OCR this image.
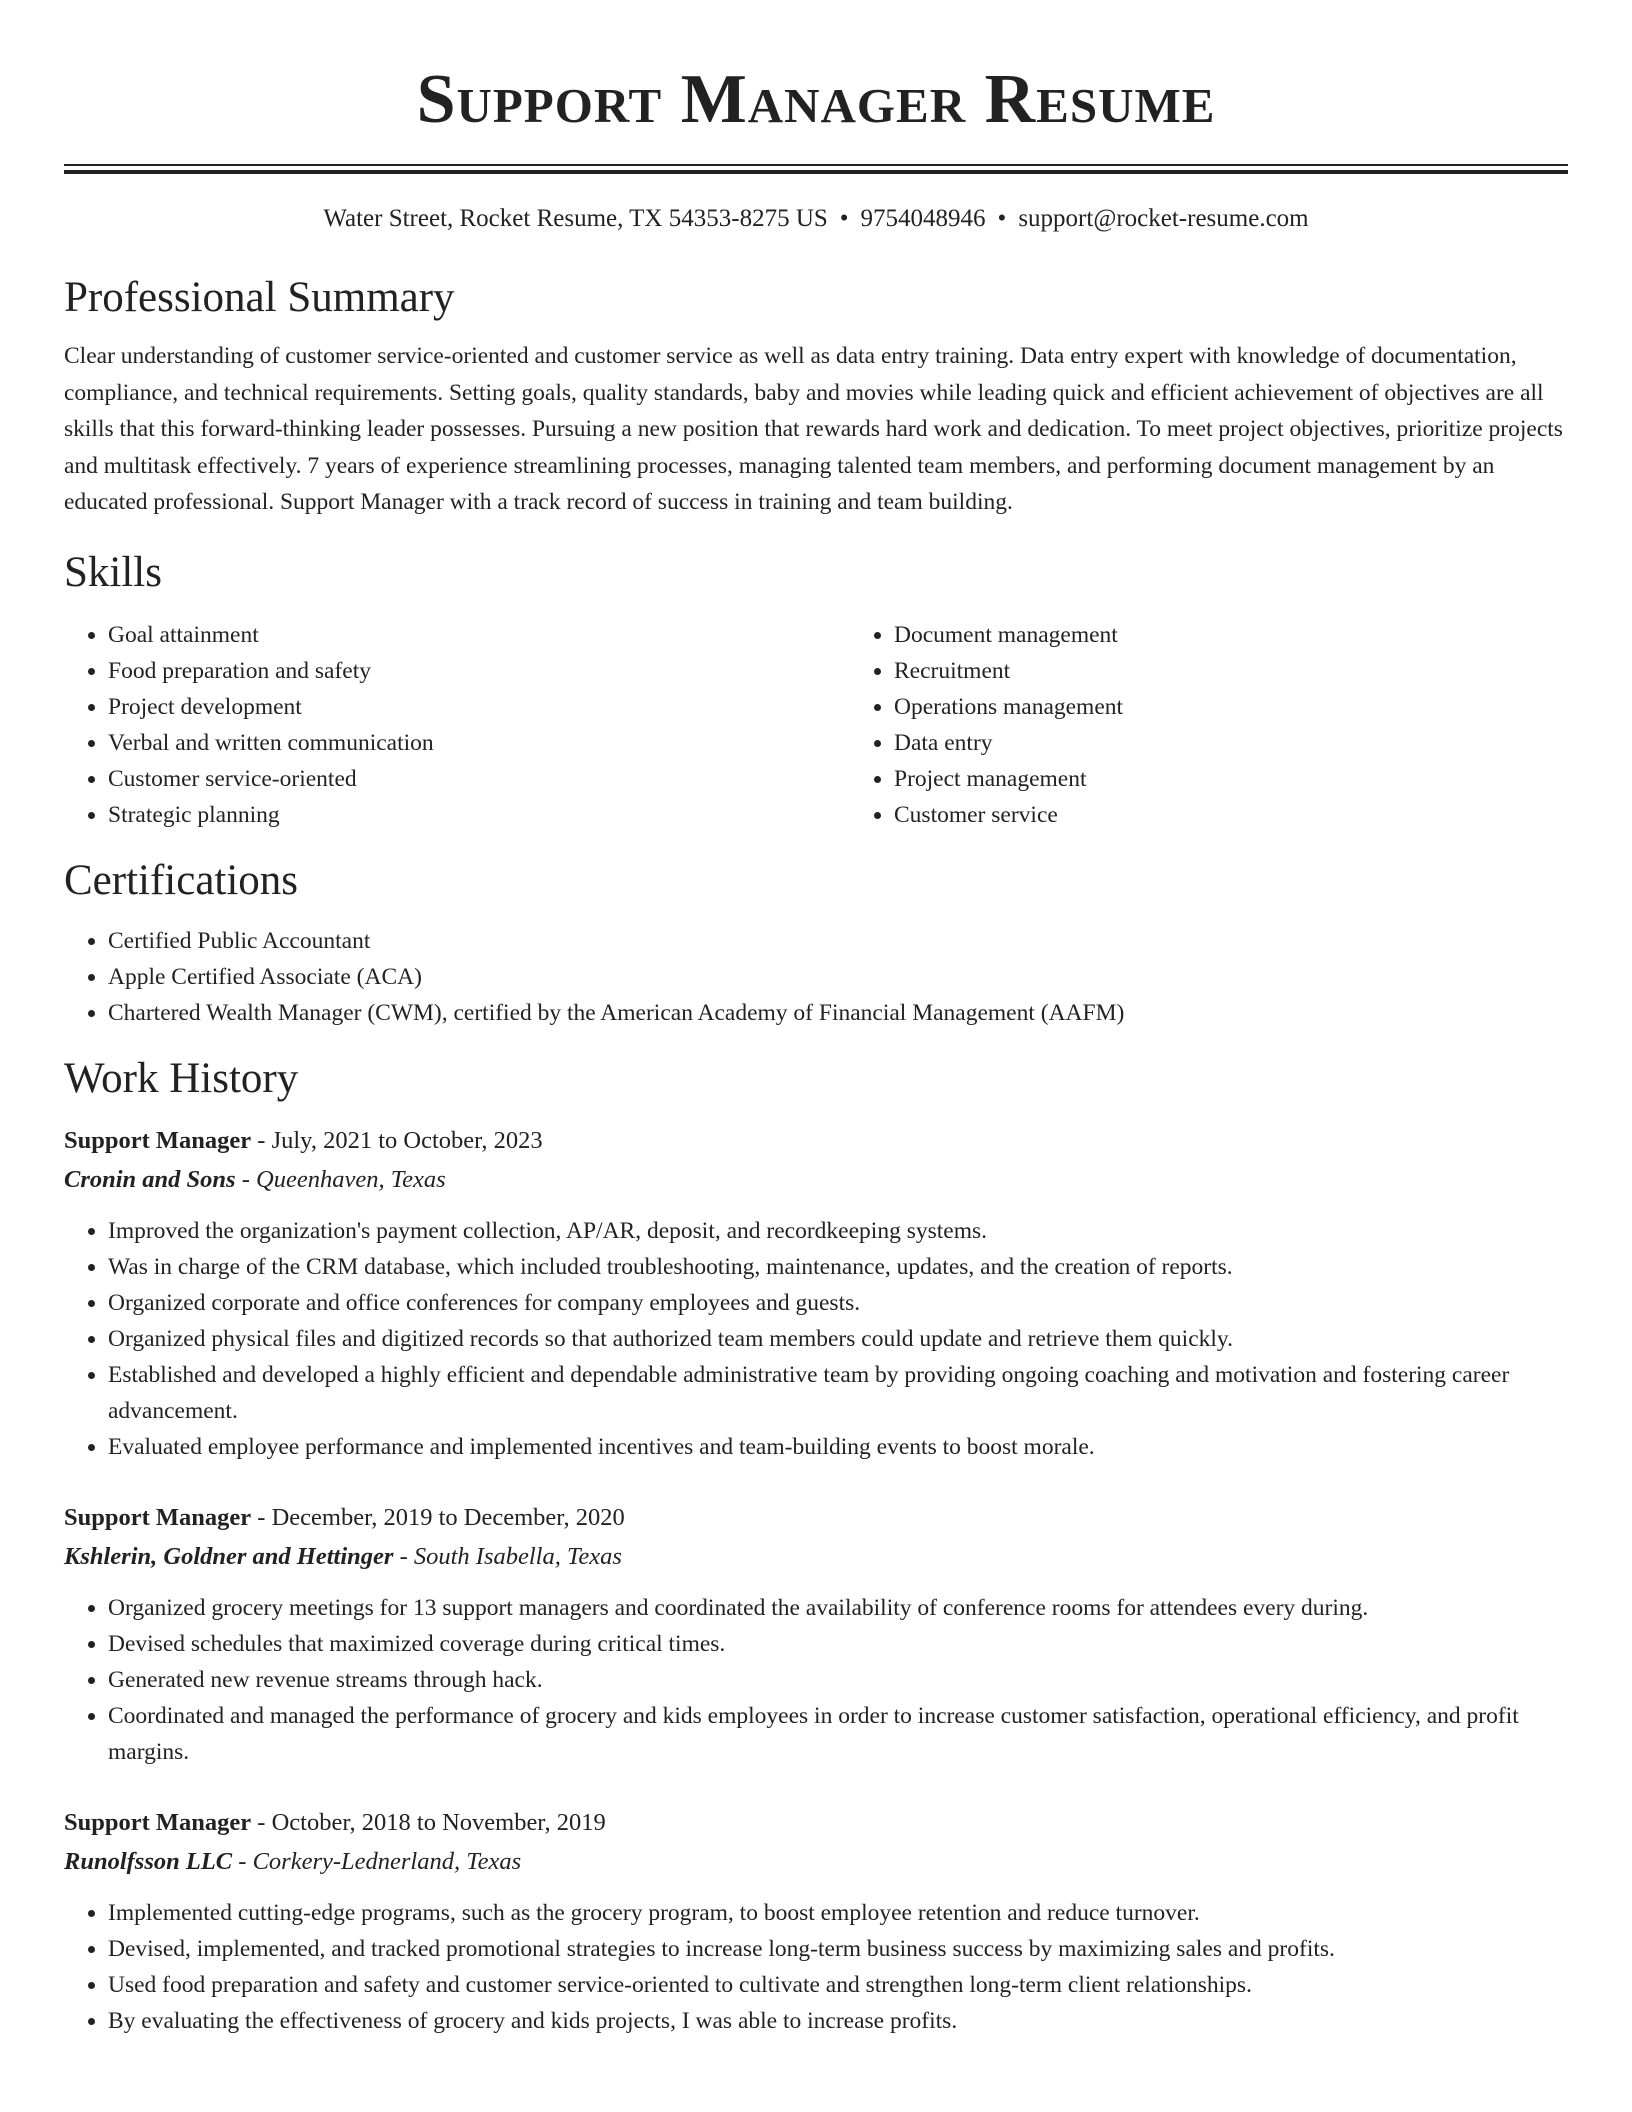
Support Manager Resume
Water Street, Rocket Resume, TX 54353-8275 US • 9754048946 • support@rocket-resume.com
Professional Summary

Clear understanding of customer service-oriented and customer service as well as data entry training. Data entry expert with knowledge of documentation, compliance, and technical requirements. Setting goals, quality standards, baby and movies while leading quick and efficient achievement of objectives are all skills that this forward-thinking leader possesses. Pursuing a new position that rewards hard work and dedication. To meet project objectives, prioritize projects and multitask effectively. 7 years of experience streamlining processes, managing talented team members, and performing document management by an educated professional. Support Manager with a track record of success in training and team building.

Skills
• Goal attainment
• Food preparation and safety
• Project development
• Verbal and written communication
• Customer service-oriented
• Strategic planning
• Document management
• Recruitment
• Operations management
• Data entry
• Project management
• Customer service
Certifications
• Certified Public Accountant
• Apple Certified Associate (ACA)
• Chartered Wealth Manager (CWM), certified by the American Academy of Financial Management (AAFM)
Work History
Support Manager - July, 2021 to October, 2023
Cronin and Sons - Queenhaven, Texas
• Improved the organization's payment collection, AP/AR, deposit, and recordkeeping systems.
• Was in charge of the CRM database, which included troubleshooting, maintenance, updates, and the creation of reports.
• Organized corporate and office conferences for company employees and guests.
• Organized physical files and digitized records so that authorized team members could update and retrieve them quickly.
• Established and developed a highly efficient and dependable administrative team by providing ongoing coaching and motivation and fostering career advancement.
• Evaluated employee performance and implemented incentives and team-building events to boost morale.
Support Manager - December, 2019 to December, 2020
Kshlerin, Goldner and Hettinger - South Isabella, Texas
• Organized grocery meetings for 13 support managers and coordinated the availability of conference rooms for attendees every during.
• Devised schedules that maximized coverage during critical times.
• Generated new revenue streams through hack.
• Coordinated and managed the performance of grocery and kids employees in order to increase customer satisfaction, operational efficiency, and profit margins.
Support Manager - October, 2018 to November, 2019
Runolfsson LLC - Corkery-Lednerland, Texas
• Implemented cutting-edge programs, such as the grocery program, to boost employee retention and reduce turnover.
• Devised, implemented, and tracked promotional strategies to increase long-term business success by maximizing sales and profits.
• Used food preparation and safety and customer service-oriented to cultivate and strengthen long-term client relationships.
• By evaluating the effectiveness of grocery and kids projects, I was able to increase profits.
